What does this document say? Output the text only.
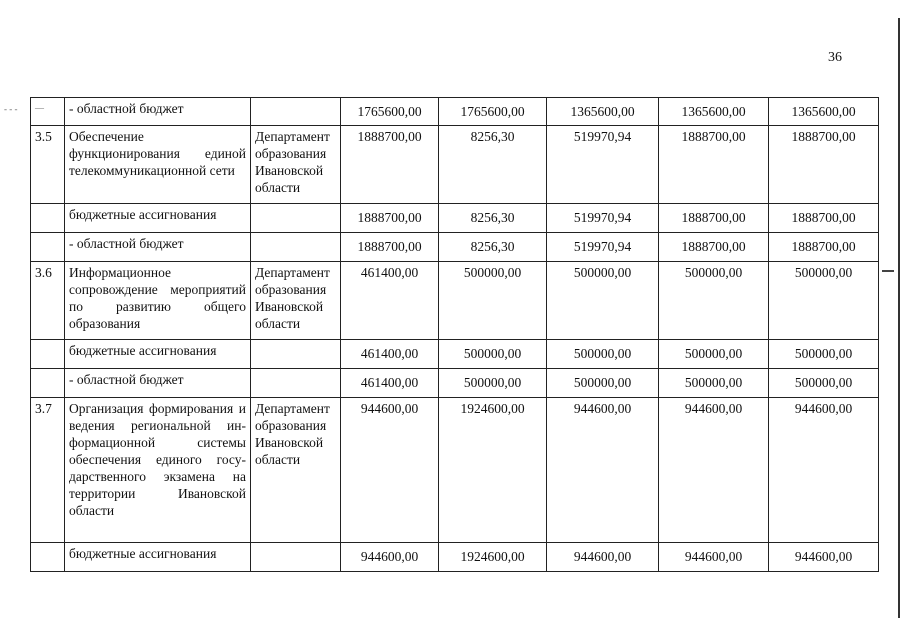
36
- - - —	- областной бюджет		1765600,00	1765600,00	1365600,00	1365600,00	1365600,00
3.5	Обеспечение функционирования единой телекоммуникационной сети	Департамент образования Ивановской области	1888700,00	8256,30	519970,94	1888700,00	1888700,00
	бюджетные ассигнования		1888700,00	8256,30	519970,94	1888700,00	1888700,00
	- областной бюджет		1888700,00	8256,30	519970,94	1888700,00	1888700,00
3.6	Информационное сопровождение мероприятий по развитию общего образования	Департамент образования Ивановской области	461400,00	500000,00	500000,00	500000,00	500000,00
	бюджетные ассигнования		461400,00	500000,00	500000,00	500000,00	500000,00
	- областной бюджет		461400,00	500000,00	500000,00	500000,00	500000,00
3.7	Организация формирования и ведения региональной ин-формационной системы обеспечения единого госу-дарственного экзамена на территории Ивановской области	Департамент образования Ивановской области	944600,00	1924600,00	944600,00	944600,00	944600,00
	бюджетные ассигнования		944600,00	1924600,00	944600,00	944600,00	944600,00
